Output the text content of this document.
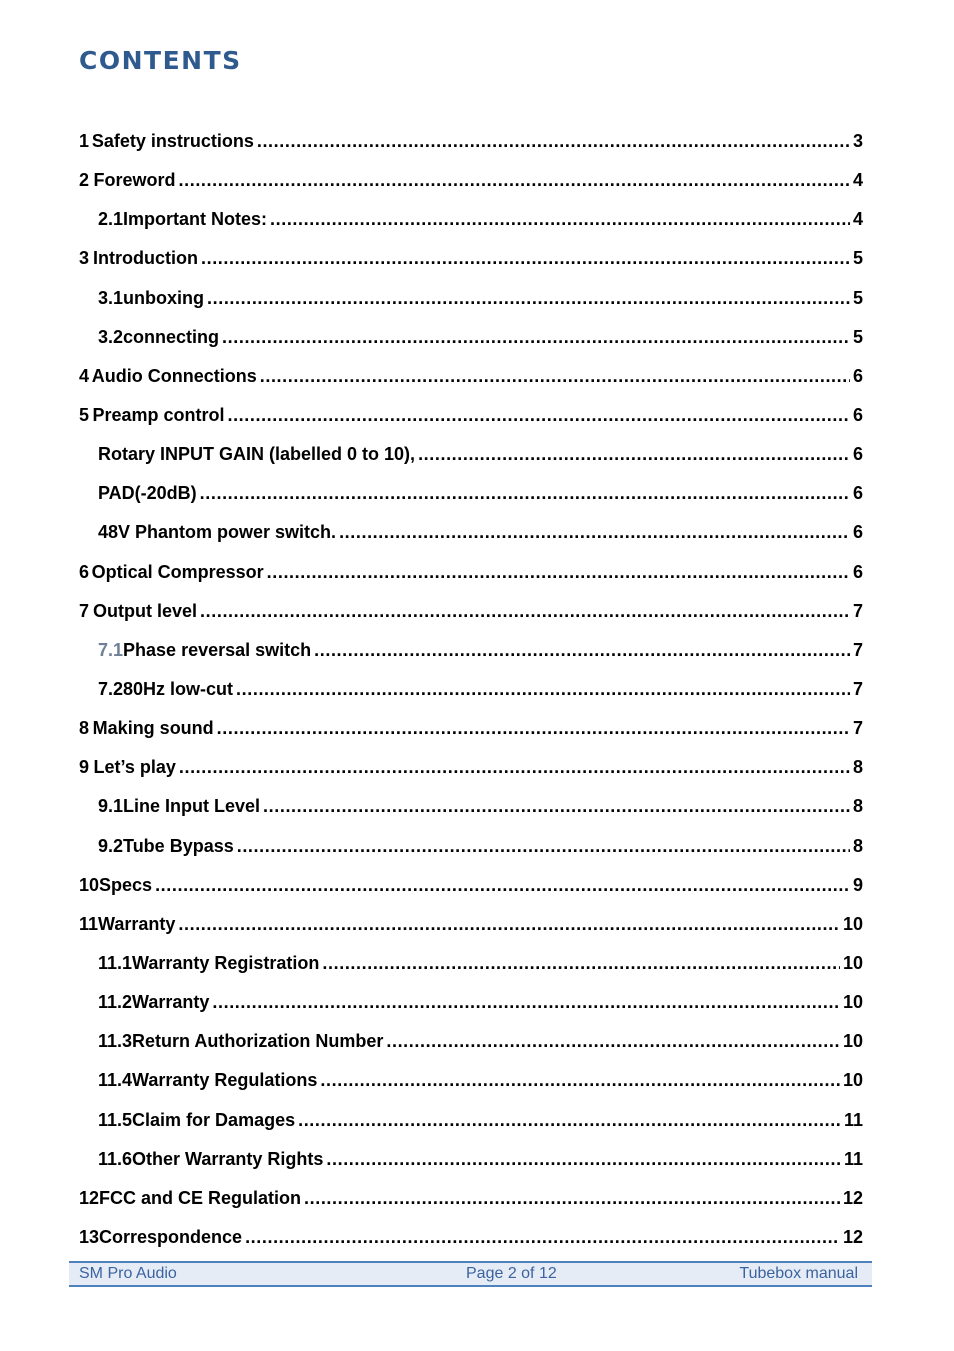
CONTENTS
1 Safety instructions .....	3
2 Foreword .....	4
2.1 Important Notes: .....	4
3 Introduction .....	5
3.1 unboxing .....	5
3.2 connecting .....	5
4 Audio Connections .....	6
5 Preamp control .....	6
Rotary INPUT GAIN (labelled 0 to 10), .....	6
PAD(-20dB) .....	6
48V Phantom power switch. .....	6
6 Optical Compressor .....	6
7 Output level .....	7
7.1 Phase reversal switch .....	7
7.2 80Hz low-cut .....	7
8 Making sound .....	7
9 Let’s play .....	8
9.1 Line Input Level .....	8
9.2 Tube Bypass .....	8
10 Specs .....	9
11 Warranty .....	10
11.1 Warranty Registration .....	10
11.2 Warranty .....	10
11.3 Return Authorization Number .....	10
11.4 Warranty Regulations .....	10
11.5 Claim for Damages .....	11
11.6 Other Warranty Rights .....	11
12 FCC and CE Regulation .....	12
13 Correspondence .....	12
SM Pro Audio	Page 2 of 12	Tubebox manual
